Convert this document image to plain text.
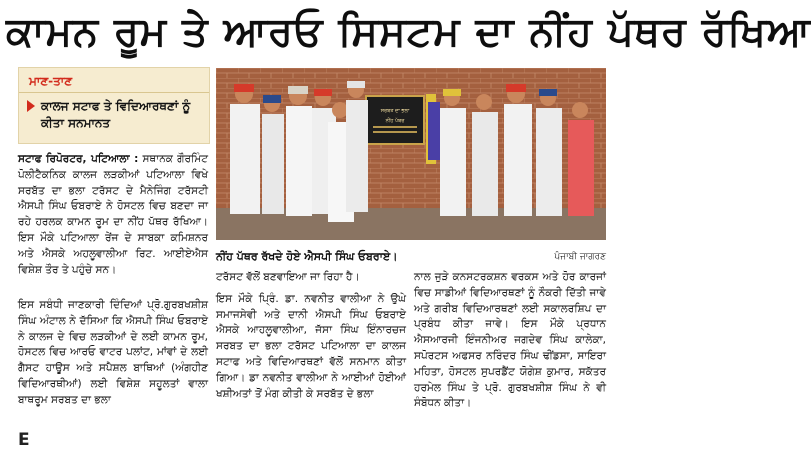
ਕਾਮਨ ਰੂਮ ਤੇ ਆਰਓ ਸਿਸਟਮ ਦਾ ਨੀਂਹ ਪੱਥਰ ਰੱਖਿਆ
ਮਾਣ-ਤਾਣ
ਕਾਲਜ ਸਟਾਫ ਤੇ ਵਿਦਿਆਰਥਣਾਂ ਨੂੰ ਕੀਤਾ ਸਨਮਾਨਤ
ਸਰਬਤ ਦਾ ਭਲਾ
ਨੀਂਹ ਪੱਥਰ
ਨੀਂਹ ਪੱਥਰ ਰੱਖਦੇ ਹੋਏ ਐਸਪੀ ਸਿੰਘ ਓਬਰਾਏ।	ਪੰਜਾਬੀ ਜਾਗਰਣ

ਸਟਾਫ ਰਿਪੋਰਟਰ, ਪਟਿਆਲਾ : ਸਥਾਨਕ ਗੌਰਮਿੰਟ ਪੋਲੀਟੈਕਨਿਕ ਕਾਲਜ ਲੜਕੀਆਂ ਪਟਿਆਲਾ ਵਿਖੇ ਸਰਬੱਤ ਦਾ ਭਲਾ ਟਰੱਸਟ ਦੇ ਮੈਨੇਜਿੰਗ ਟਰੱਸਟੀ ਐਸਪੀ ਸਿੰਘ ਓਬਰਾਏ ਨੇ ਹੋਸਟਲ ਵਿਚ ਬਣਦਾ ਜਾ ਰਹੇ ਹਰਲਕ ਕਾਮਨ ਰੂਮ ਦਾ ਨੀਂਹ ਪੱਥਰ ਰੱਖਿਆ। ਇਸ ਮੌਕੇ ਪਟਿਆਲਾ ਰੇਂਜ ਦੇ ਸਾਬਕਾ ਕਮਿਸ਼ਨਰ ਅਤੇ ਐਸਕੇ ਅਹਲੂਵਾਲੀਆ ਰਿਟ. ਆਈਏਐਸ ਵਿਸ਼ੇਸ਼ ਤੌਰ ਤੇ ਪਹੁੰਚੇ ਸਨ।

ਇਸ ਸਬੰਧੀ ਜਾਣਕਾਰੀ ਦਿੰਦਿਆਂ ਪ੍ਰੋ.ਗੁਰਬਖਸ਼ੀਸ਼ ਸਿੰਘ ਅੰਟਾਲ ਨੇ ਦੱਸਿਆ ਕਿ ਐਸਪੀ ਸਿੰਘ ਓਬਰਾਏ ਨੇ ਕਾਲਜ ਦੇ ਵਿਚ ਲੜਕੀਆਂ ਦੇ ਲਈ ਕਾਮਨ ਰੂਮ, ਹੋਸਟਲ ਵਿਚ ਆਰਓ ਵਾਟਰ ਪਲਾਂਟ, ਮਾਂਵਾਂ ਦੇ ਲਈ ਗੈਸਟ ਹਾਊਸ ਅਤੇ ਸਪੈਸ਼ਲ ਬਾਥਿਆਂ (ਅੰਗਹੀਣ ਵਿਦਿਆਰਥੀਆਂ) ਲਈ ਵਿਸ਼ੇਸ਼ ਸਹੂਲਤਾਂ ਵਾਲਾ ਬਾਥਰੂਮ ਸਰਬਤ ਦਾ ਭਲਾ

ਟਰੱਸਟ ਵੱਲੋਂ ਬਣਵਾਇਆ ਜਾ ਰਿਹਾ ਹੈ।

ਇਸ ਮੌਕੇ ਪ੍ਰਿੰ. ਡਾ. ਨਵਨੀਤ ਵਾਲੀਆ ਨੇ ਉਘੇ ਸਮਾਜਸੇਵੀ ਅਤੇ ਦਾਨੀ ਐਸਪੀ ਸਿੰਘ ਓਬਰਾਏ ਐਸਕੇ ਆਹਲੂਵਾਲੀਆ, ਜੱਸਾ ਸਿੰਘ ਇੰਨਾਰਚਜ ਸਰਬਤ ਦਾ ਭਲਾ ਟਰੱਸਟ ਪਟਿਆਲਾ ਦਾ ਕਾਲਜ ਸਟਾਫ ਅਤੇ ਵਿਦਿਆਰਥਣਾਂ ਵੱਲੋਂ ਸਨਮਾਨ ਕੀਤਾ ਗਿਆ। ਡਾ ਨਵਨੀਤ ਵਾਲੀਆ ਨੇ ਆਈਆਂ ਹੋਈਆਂ ਖਸ਼ੀਅਤਾਂ ਤੋਂ ਮੰਗ ਕੀਤੀ ਕੇ ਸਰਬੱਤ ਦੇ ਭਲਾ

ਨਾਲ ਜੁੜੇ ਕਨਸਟਰਕਸ਼ਨ ਵਰਕਸ ਅਤੇ ਹੋਰ ਕਾਰਜਾਂ ਵਿਚ ਸਾਡੀਆਂ ਵਿਦਿਆਰਥਣਾਂ ਨੂੰ ਨੌਕਰੀ ਦਿੱਤੀ ਜਾਵੇ ਅਤੇ ਗਰੀਬ ਵਿਦਿਆਰਥਣਾਂ ਲਈ ਸਕਾਲਰਸ਼ਿਪ ਦਾ ਪ੍ਰਬੰਧ ਕੀਤਾ ਜਾਵੇ। ਇਸ ਮੌਕੇ ਪ੍ਰਧਾਨ ਐਸਆਰਜੀ ਇੰਜਨੀਅਰ ਜਗਦੇਵ ਸਿੰਘ ਕਾਲੇਕਾ, ਸਪੋਰਟਸ ਅਫਸਰ ਨਰਿੰਦਰ ਸਿੰਘ ਢੀਂਡਸਾ, ਸਾਇਰਾ ਮਹਿਤਾ, ਹੋਸਟਲ ਸੁਪਰਡੈਂਟ ਯੋਗੇਸ਼ ਕੁਮਾਰ, ਸਕੱਤਰ ਹਰਮੇਲ ਸਿੰਘ ਤੇ ਪ੍ਰੋ. ਗੁਰਬਖਸ਼ੀਸ਼ ਸਿੰਘ ਨੇ ਵੀ ਸੰਬੋਧਨ ਕੀਤਾ।

E
